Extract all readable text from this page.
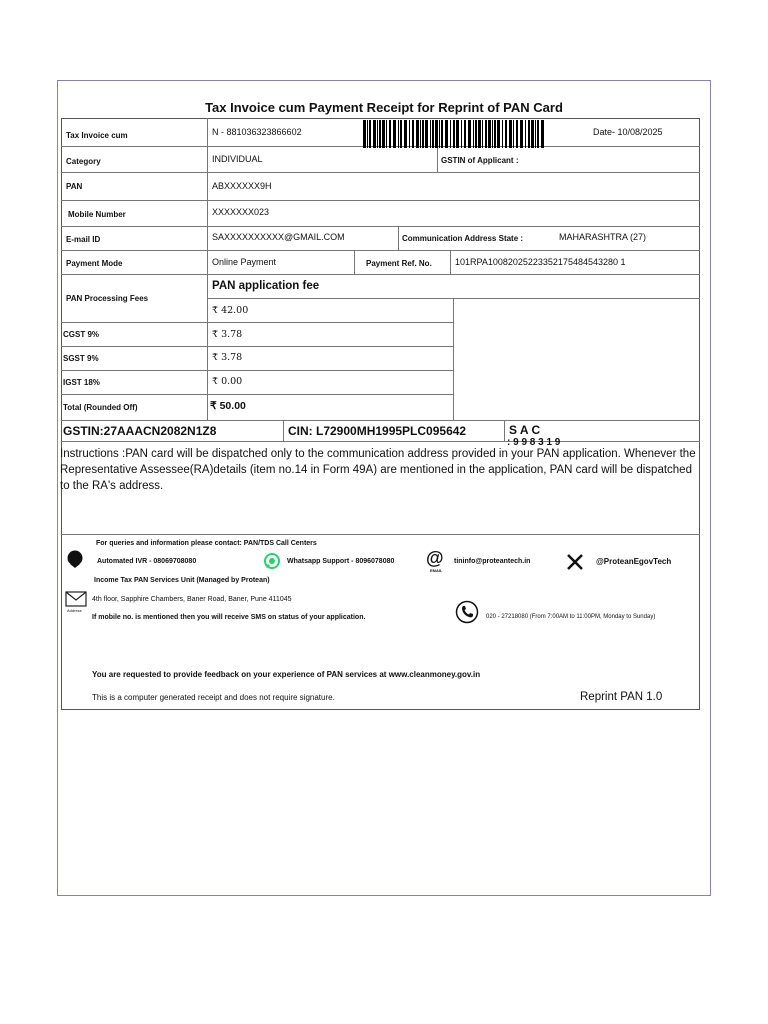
Tax Invoice cum Payment Receipt for Reprint of PAN Card
Tax Invoice cum	N - 881036323866602	Date- 10/08/2025
Category	INDIVIDUAL	GSTIN of Applicant :
PAN	ABXXXXXX9H
Mobile Number	XXXXXXX023
E-mail ID	SAXXXXXXXXXX@GMAIL.COM	Communication Address State :	MAHARASHTRA (27)
Payment Mode	Online Payment	Payment Ref. No.	101RPA10082025223352175484543280 1
PAN Processing Fees
PAN application fee
₹ 42.00
CGST 9%	₹ 3.78
SGST 9%	₹ 3.78
IGST 18%	₹ 0.00
Total (Rounded Off)	₹ 50.00
GSTIN:27AAACN2082N1Z8	CIN: L72900MH1995PLC095642	S A C
: 9 9 8 3 1 9
Instructions :PAN card will be dispatched only to the communication address provided in your PAN application. Whenever the Representative Assessee(RA)details (item no.14 in Form 49A) are mentioned in the application, PAN card will be dispatched to the RA's address.
For queries and information please contact: PAN/TDS Call Centers
Automated IVR - 08069708080	Whatsapp Support - 8096078080 @
EMAIL
tininfo@proteantech.in	@ProteanEgovTech
Income Tax PAN Services Unit (Managed by Protean)
Address
4th floor, Sapphire Chambers, Baner Road, Baner, Pune 411045
If mobile no. is mentioned then you will receive SMS on status of your application.	020 - 27218080 (From 7:00AM to 11:00PM, Monday to Sunday)
You are requested to provide feedback on your experience of PAN services at www.cleanmoney.gov.in
This is a computer generated receipt and does not require signature.	Reprint PAN 1.0
